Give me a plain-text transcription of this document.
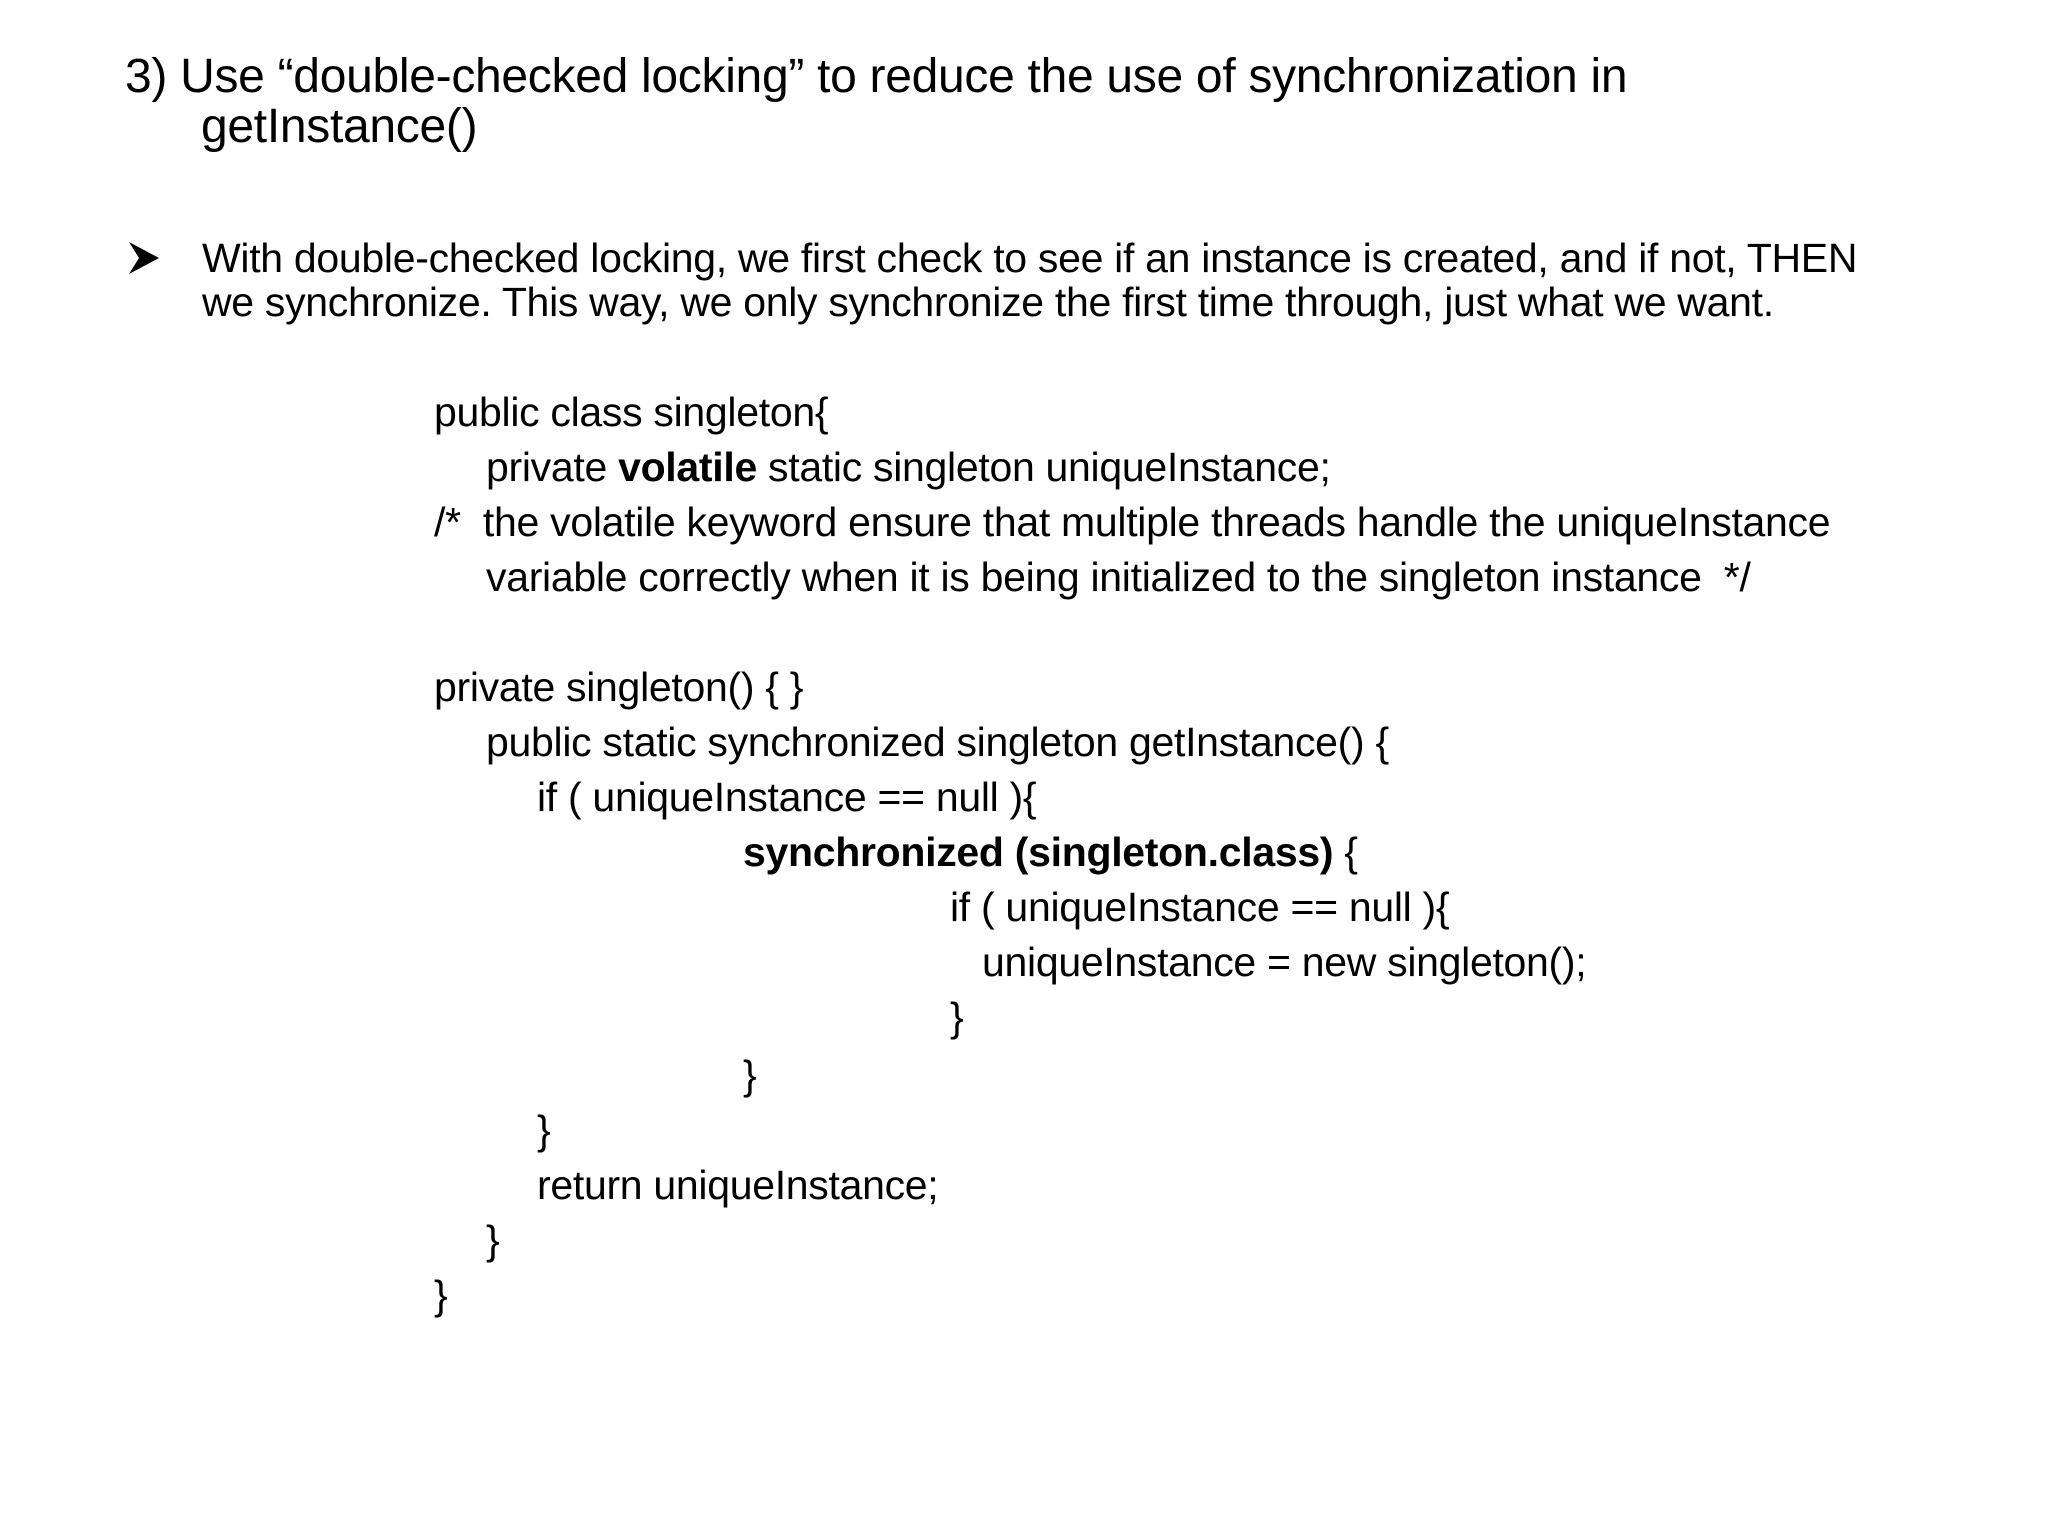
3) Use “double-checked locking” to reduce the use of synchronization in
getInstance()
With double-checked locking, we first check to see if an instance is created, and if not, THEN
we synchronize. This way, we only synchronize the first time through, just what we want.
public class singleton{
private volatile static singleton uniqueInstance;
/*  the volatile keyword ensure that multiple threads handle the uniqueInstance
variable correctly when it is being initialized to the singleton instance  */
private singleton() { }
public static synchronized singleton getInstance() {
if ( uniqueInstance == null ){
synchronized (singleton.class) {
if ( uniqueInstance == null ){
uniqueInstance = new singleton();
}
}
}
return uniqueInstance;
}
}
